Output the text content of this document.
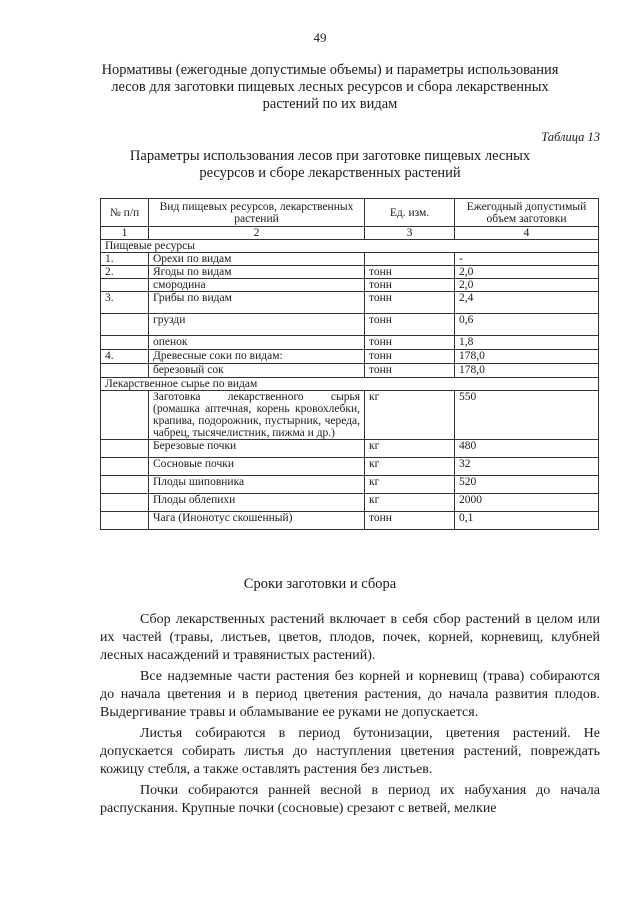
49
Нормативы (ежегодные допустимые объемы) и параметры использования лесов для заготовки пищевых лесных ресурсов и сбора лекарственных растений по их видам
Таблица 13
Параметры использования лесов при заготовке пищевых лесных ресурсов и сборе лекарственных растений
№ п/п	Вид пищевых ресурсов, лекарственных растений	Ед. изм.	Ежегодный допустимый объем заготовки
1	2	3	4
Пищевые ресурсы			
1.	Орехи по видам		-
2.	Ягоды по видам	тонн	2,0
	смородина	тонн	2,0
3.	Грибы по видам	тонн	2,4
	грузди	тонн	0,6
	опенок	тонн	1,8
4.	Древесные соки по видам:	тонн	178,0
	березовый сок	тонн	178,0
Лекарственное сырье по видам			
	Заготовка лекарственного сырья (ромашка аптечная, корень кровохлебки, крапива, подорожник, пустырник, череда, чабрец, тысячелистник, пижма и др.)	кг	550
	Березовые почки	кг	480
	Сосновые почки	кг	32
	Плоды шиповника	кг	520
	Плоды облепихи	кг	2000
	Чага (Инонотус скошенный)	тонн	0,1
Сроки заготовки и сбора

Сбор лекарственных растений включает в себя сбор растений в целом или их частей (травы, листьев, цветов, плодов, почек, корней, корневищ, клубней лесных насаждений и травянистых растений).

Все надземные части растения без корней и корневищ (трава) собираются до начала цветения и в период цветения растения, до начала развития плодов. Выдергивание травы и обламывание ее руками не допускается.

Листья собираются в период бутонизации, цветения растений. Не допускается собирать листья до наступления цветения растений, повреждать кожицу стебля, а также оставлять растения без листьев.

Почки собираются ранней весной в период их набухания до начала распускания. Крупные почки (сосновые) срезают с ветвей, мелкие
